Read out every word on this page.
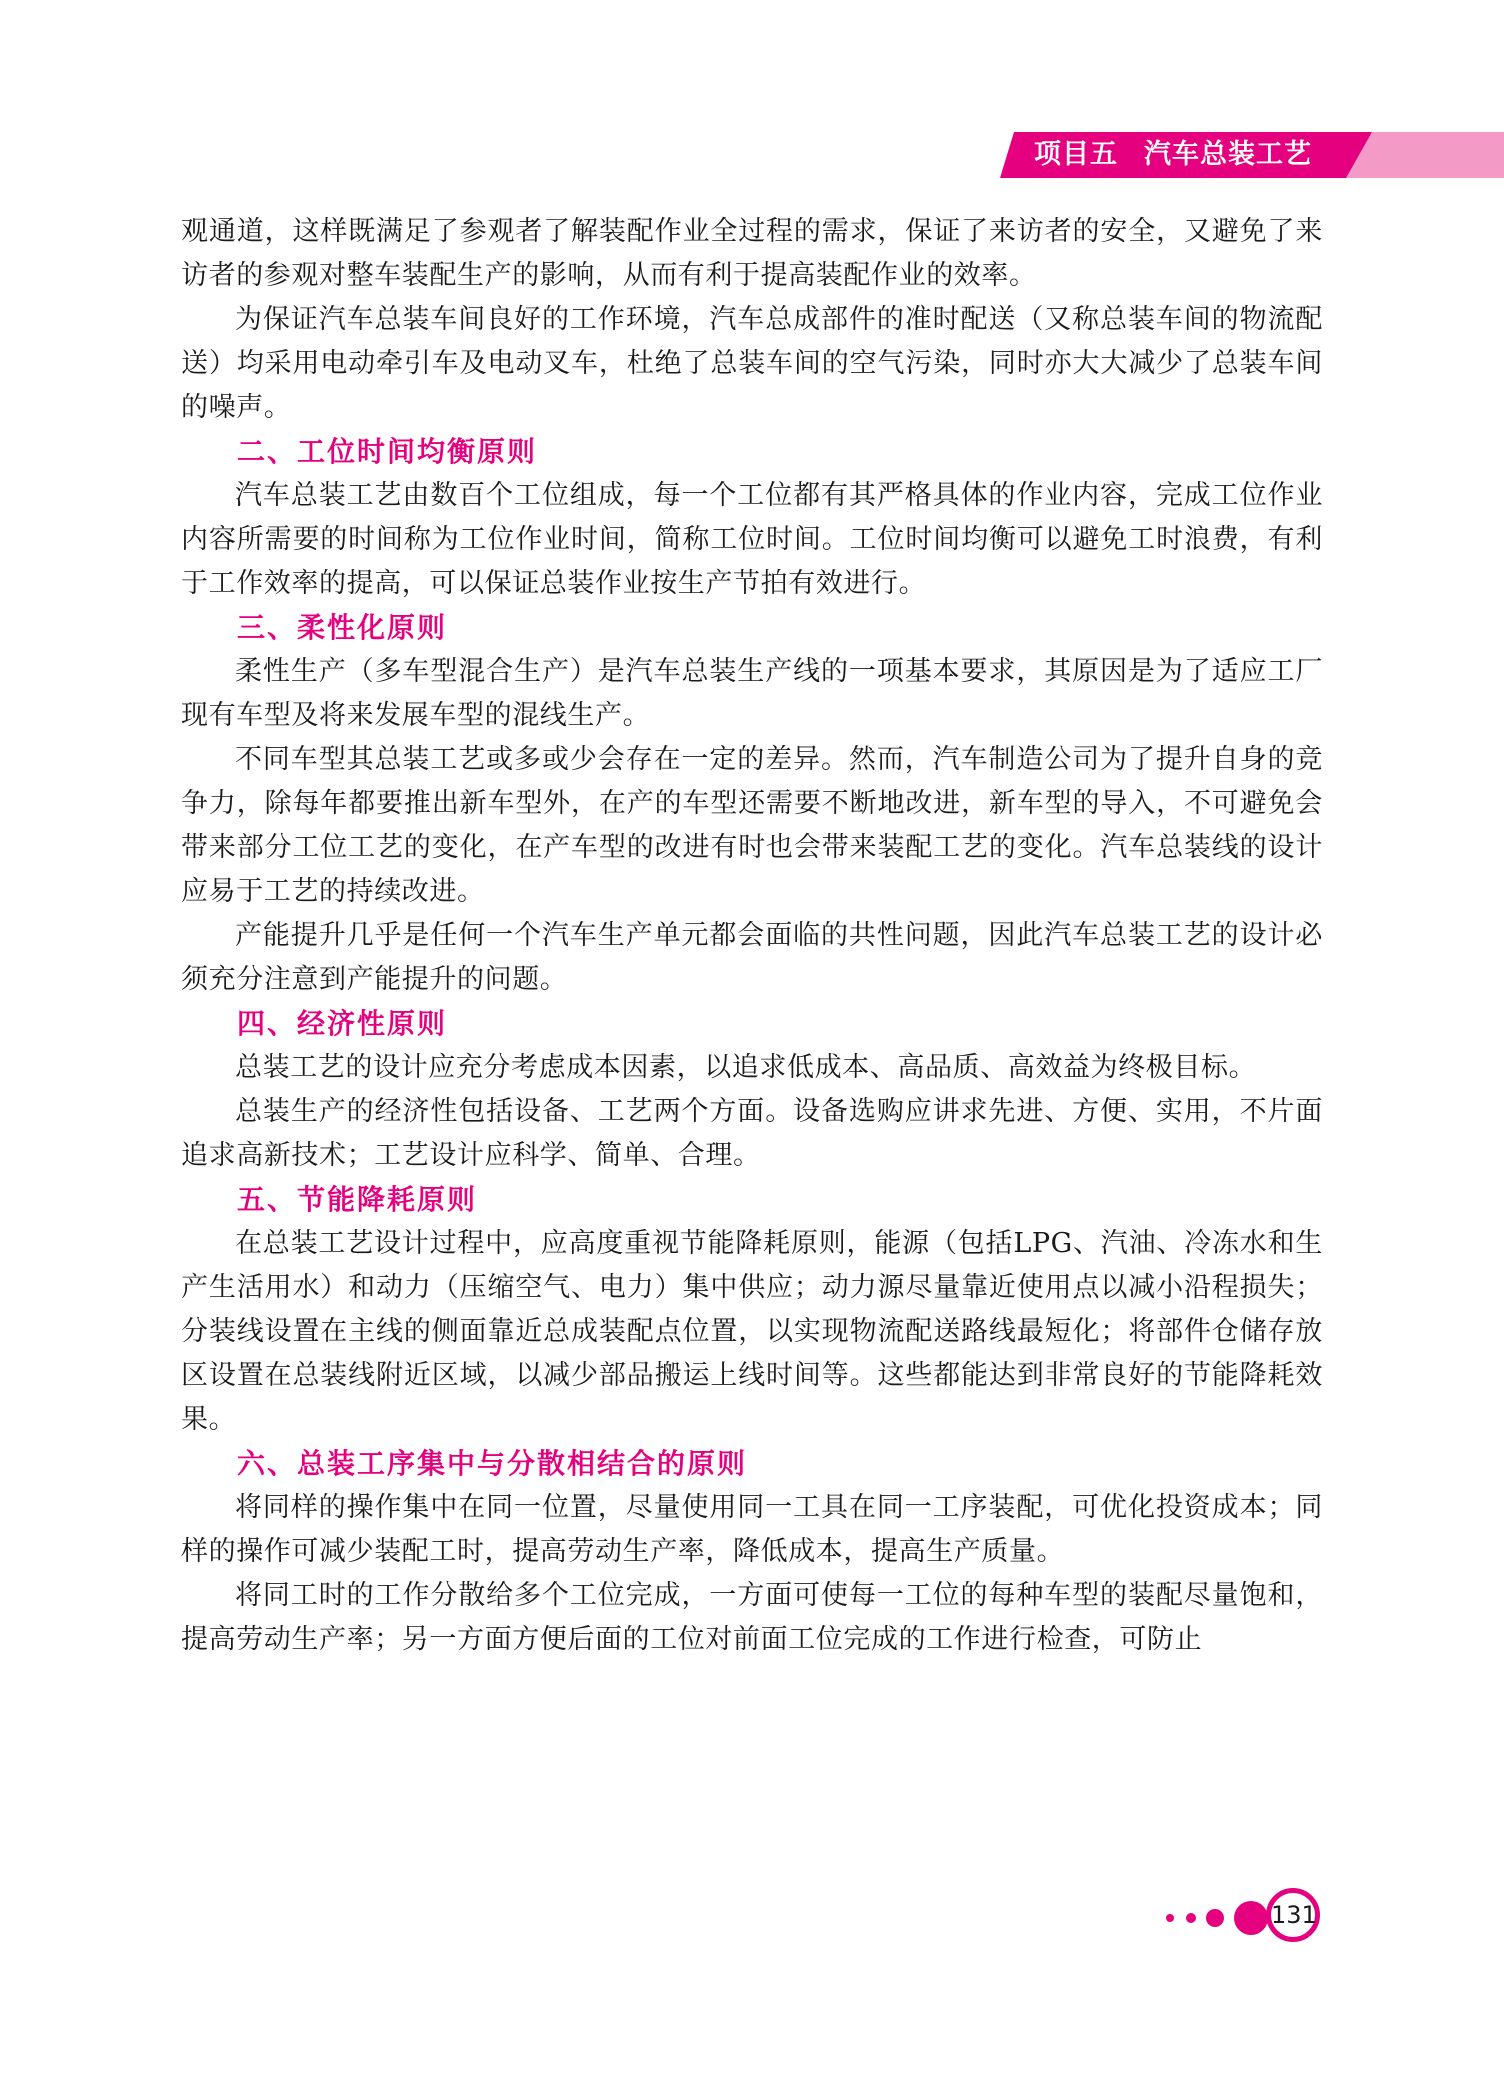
项目五 汽车总装工艺

观通道，这样既满足了参观者了解装配作业全过程的需求，保证了来访者的安全，又避免了来访者的参观对整车装配生产的影响，从而有利于提高装配作业的效率。

为保证汽车总装车间良好的工作环境，汽车总成部件的准时配送（又称总装车间的物流配送）均采用电动牵引车及电动叉车，杜绝了总装车间的空气污染，同时亦大大减少了总装车间的噪声。

二、工位时间均衡原则

汽车总装工艺由数百个工位组成，每一个工位都有其严格具体的作业内容，完成工位作业内容所需要的时间称为工位作业时间，简称工位时间。工位时间均衡可以避免工时浪费，有利于工作效率的提高，可以保证总装作业按生产节拍有效进行。

三、柔性化原则

柔性生产（多车型混合生产）是汽车总装生产线的一项基本要求，其原因是为了适应工厂现有车型及将来发展车型的混线生产。

不同车型其总装工艺或多或少会存在一定的差异。然而，汽车制造公司为了提升自身的竞争力，除每年都要推出新车型外，在产的车型还需要不断地改进，新车型的导入，不可避免会带来部分工位工艺的变化，在产车型的改进有时也会带来装配工艺的变化。汽车总装线的设计应易于工艺的持续改进。

产能提升几乎是任何一个汽车生产单元都会面临的共性问题，因此汽车总装工艺的设计必须充分注意到产能提升的问题。

四、经济性原则

总装工艺的设计应充分考虑成本因素，以追求低成本、高品质、高效益为终极目标。

总装生产的经济性包括设备、工艺两个方面。设备选购应讲求先进、方便、实用，不片面追求高新技术；工艺设计应科学、简单、合理。

五、节能降耗原则

在总装工艺设计过程中，应高度重视节能降耗原则，能源（包括LPG、汽油、冷冻水和生产生活用水）和动力（压缩空气、电力）集中供应；动力源尽量靠近使用点以减小沿程损失；分装线设置在主线的侧面靠近总成装配点位置，以实现物流配送路线最短化；将部件仓储存放区设置在总装线附近区域，以减少部品搬运上线时间等。这些都能达到非常良好的节能降耗效果。

六、总装工序集中与分散相结合的原则

将同样的操作集中在同一位置，尽量使用同一工具在同一工序装配，可优化投资成本；同样的操作可减少装配工时，提高劳动生产率，降低成本，提高生产质量。

将同工时的工作分散给多个工位完成，一方面可使每一工位的每种车型的装配尽量饱和，提高劳动生产率；另一方面方便后面的工位对前面工位完成的工作进行检查，可防止

131
